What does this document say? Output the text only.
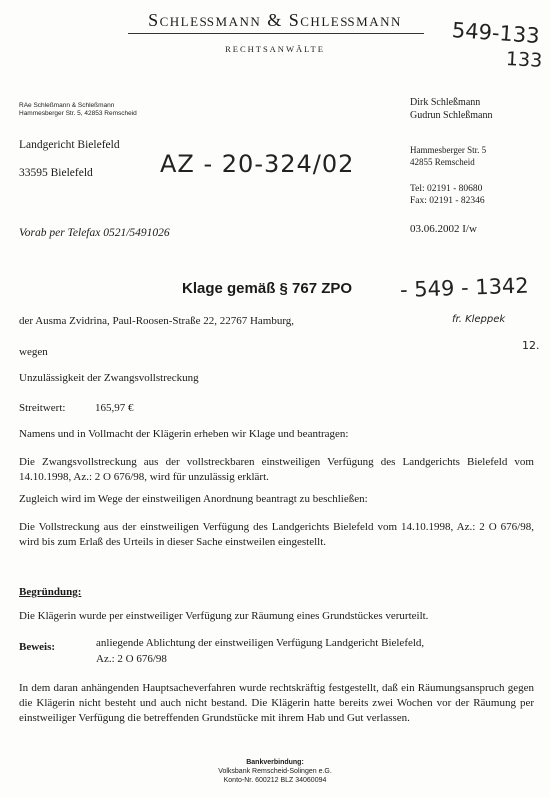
Schleßmann & Schleßmann
RECHTSANWÄLTE
549-133
133
RAe Schleßmann & Schleßmann
Hammesberger Str. 5, 42853 Remscheid
Landgericht Bielefeld
33595 Bielefeld	AZ - 20-324/02
Dirk Schleßmann
Gudrun Schleßmann
Hammesberger Str. 5
42855 Remscheid
Tel: 02191 - 80680
Fax: 02191 - 82346
03.06.2002 I/w
Vorab per Telefax 0521/5491026
Klage gemäß § 767 ZPO - 549 - 1342
fr. Kleppek
12.
der Ausma Zvidrina, Paul-Roosen-Straße 22, 22767 Hamburg,
wegen
Unzulässigkeit der Zwangsvollstreckung
Streitwert:	165,97 €
Namens und in Vollmacht der Klägerin erheben wir Klage und beantragen:
Die Zwangsvollstreckung aus der vollstreckbaren einstweiligen Verfügung des Landgerichts Bielefeld vom 14.10.1998, Az.: 2 O 676/98, wird für unzulässig erklärt.
Zugleich wird im Wege der einstweiligen Anordnung beantragt zu beschließen:
Die Vollstreckung aus der einstweiligen Verfügung des Landgerichts Bielefeld vom 14.10.1998, Az.: 2 O 676/98, wird bis zum Erlaß des Urteils in dieser Sache einstweilen eingestellt.
Begründung:
Die Klägerin wurde per einstweiliger Verfügung zur Räumung eines Grundstückes verurteilt.
Beweis:	anliegende Ablichtung der einstweiligen Verfügung Landgericht Bielefeld,
Az.: 2 O 676/98
In dem daran anhängenden Hauptsacheverfahren wurde rechtskräftig festgestellt, daß ein Räumungsanspruch gegen die Klägerin nicht besteht und auch nicht bestand. Die Klägerin hatte bereits zwei Wochen vor der Räumung per einstweiliger Verfügung die betreffenden Grundstücke mit ihrem Hab und Gut verlassen.
Bankverbindung:
Volksbank Remscheid-Solingen e.G.
Konto-Nr. 600212 BLZ 34060094
